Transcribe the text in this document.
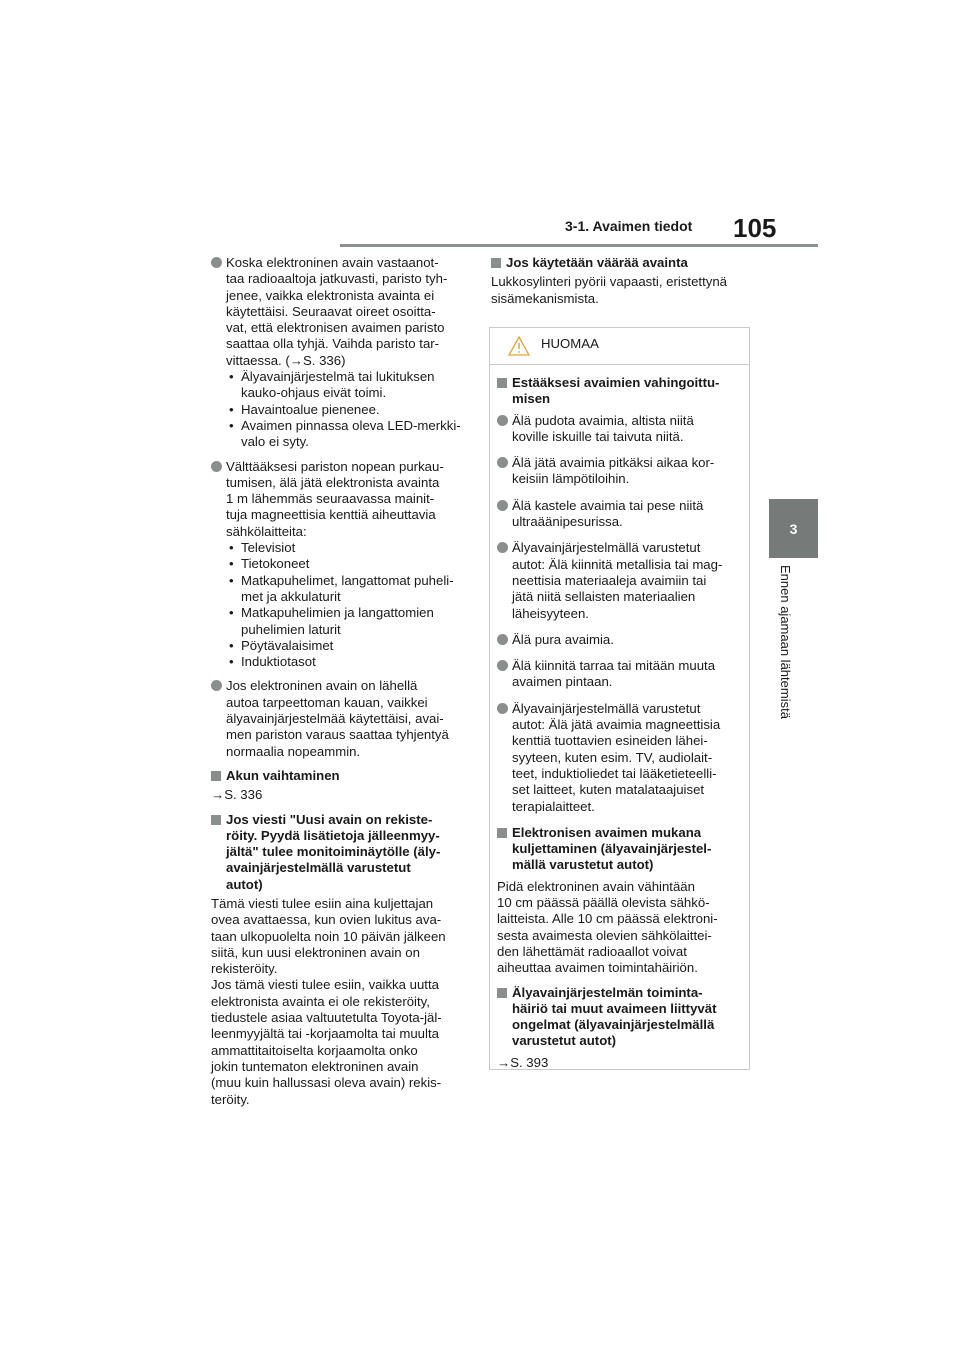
3-1. Avaimen tiedot 105
3
Ennen ajamaan lähtemistä
Koska elektroninen avain vastaanot-
taa radioaaltoja jatkuvasti, paristo tyh-
jenee, vaikka elektronista avainta ei
käytettäisi. Seuraavat oireet osoitta-
vat, että elektronisen avaimen paristo
saattaa olla tyhjä. Vaihda paristo tar-
vittaessa. (→S. 336)
• Älyavainjärjestelmä tai lukituksen
kauko-ohjaus eivät toimi.
• Havaintoalue pienenee.
• Avaimen pinnassa oleva LED-merkki-
valo ei syty.
Välttääksesi pariston nopean purkau-
tumisen, älä jätä elektronista avainta
1 m lähemmäs seuraavassa mainit-
tuja magneettisia kenttiä aiheuttavia
sähkölaitteita:
• Televisiot
• Tietokoneet
• Matkapuhelimet, langattomat puheli-
met ja akkulaturit
• Matkapuhelimien ja langattomien
puhelimien laturit
• Pöytävalaisimet
• Induktiotasot
Jos elektroninen avain on lähellä
autoa tarpeettoman kauan, vaikkei
älyavainjärjestelmää käytettäisi, avai-
men pariston varaus saattaa tyhjentyä
normaalia nopeammin.
Akun vaihtaminen
→S. 336
Jos viesti "Uusi avain on rekiste-
röity. Pyydä lisätietoja jälleenmyy-
jältä" tulee monitoiminäytölle (äly-
avainjärjestelmällä varustetut
autot)
Tämä viesti tulee esiin aina kuljettajan
ovea avattaessa, kun ovien lukitus ava-
taan ulkopuolelta noin 10 päivän jälkeen
siitä, kun uusi elektroninen avain on
rekisteröity.
Jos tämä viesti tulee esiin, vaikka uutta
elektronista avainta ei ole rekisteröity,
tiedustele asiaa valtuutetulta Toyota-jäl-
leenmyyjältä tai -korjaamolta tai muulta
ammattitaitoiselta korjaamolta onko
jokin tuntematon elektroninen avain
(muu kuin hallussasi oleva avain) rekis-
teröity.
Jos käytetään väärää avainta
Lukkosylinteri pyörii vapaasti, eristettynä
sisämekanismista.
HUOMAA
Estääksesi avaimien vahingoittu-
misen
Älä pudota avaimia, altista niitä
koville iskuille tai taivuta niitä.
Älä jätä avaimia pitkäksi aikaa kor-
keisiin lämpötiloihin.
Älä kastele avaimia tai pese niitä
ultraäänipesurissa.
Älyavainjärjestelmällä varustetut
autot: Älä kiinnitä metallisia tai mag-
neettisia materiaaleja avaimiin tai
jätä niitä sellaisten materiaalien
läheisyyteen.
Älä pura avaimia.
Älä kiinnitä tarraa tai mitään muuta
avaimen pintaan.
Älyavainjärjestelmällä varustetut
autot: Älä jätä avaimia magneettisia
kenttiä tuottavien esineiden lähei-
syyteen, kuten esim. TV, audiolait-
teet, induktioliedet tai lääketieteelli-
set laitteet, kuten matalataajuiset
terapialaitteet.
Elektronisen avaimen mukana
kuljettaminen (älyavainjärjestel-
mällä varustetut autot)
Pidä elektroninen avain vähintään
10 cm päässä päällä olevista sähkö-
laitteista. Alle 10 cm päässä elektroni-
sesta avaimesta olevien sähkölaittei-
den lähettämät radioaallot voivat
aiheuttaa avaimen toimintahäiriön.
Älyavainjärjestelmän toiminta-
häiriö tai muut avaimeen liittyvät
ongelmat (älyavainjärjestelmällä
varustetut autot)
→S. 393
